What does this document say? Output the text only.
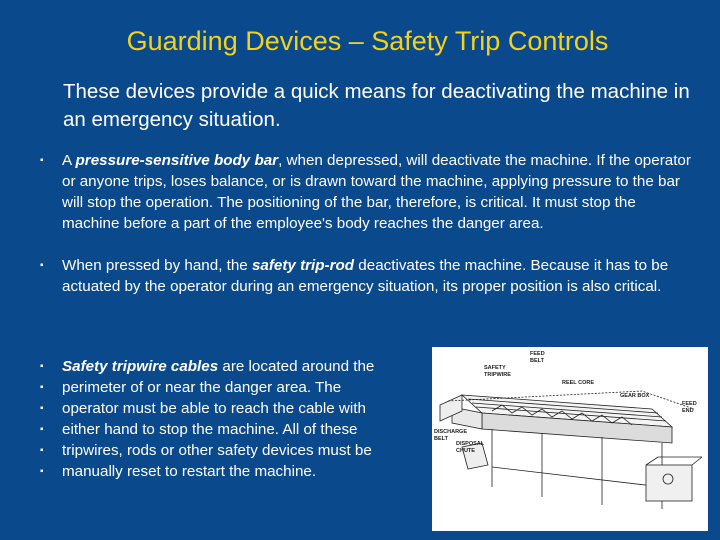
Guarding Devices – Safety Trip Controls
These devices provide a quick means for deactivating the machine in an emergency situation.
▪ A pressure-sensitive body bar, when depressed, will deactivate the machine. If the operator or anyone trips, loses balance, or is drawn toward the machine, applying pressure to the bar will stop the operation. The positioning of the bar, therefore, is critical. It must stop the machine before a part of the employee's body reaches the danger area.
▪ When pressed by hand, the safety trip-rod deactivates the machine. Because it has to be actuated by the operator during an emergency situation, its proper position is also critical.
▪ Safety tripwire cables are located around the
▪ perimeter of or near the danger area. The
▪ operator must be able to reach the cable with
▪ either hand to stop the machine. All of these
▪ tripwires, rods or other safety devices must be
▪ manually reset to restart the machine.
FEED
BELT
SAFETY
TRIPWIRE
REEL CORE
GEAR BOX
FEED
END
DISCHARGE
BELT
DISPOSAL
CHUTE
